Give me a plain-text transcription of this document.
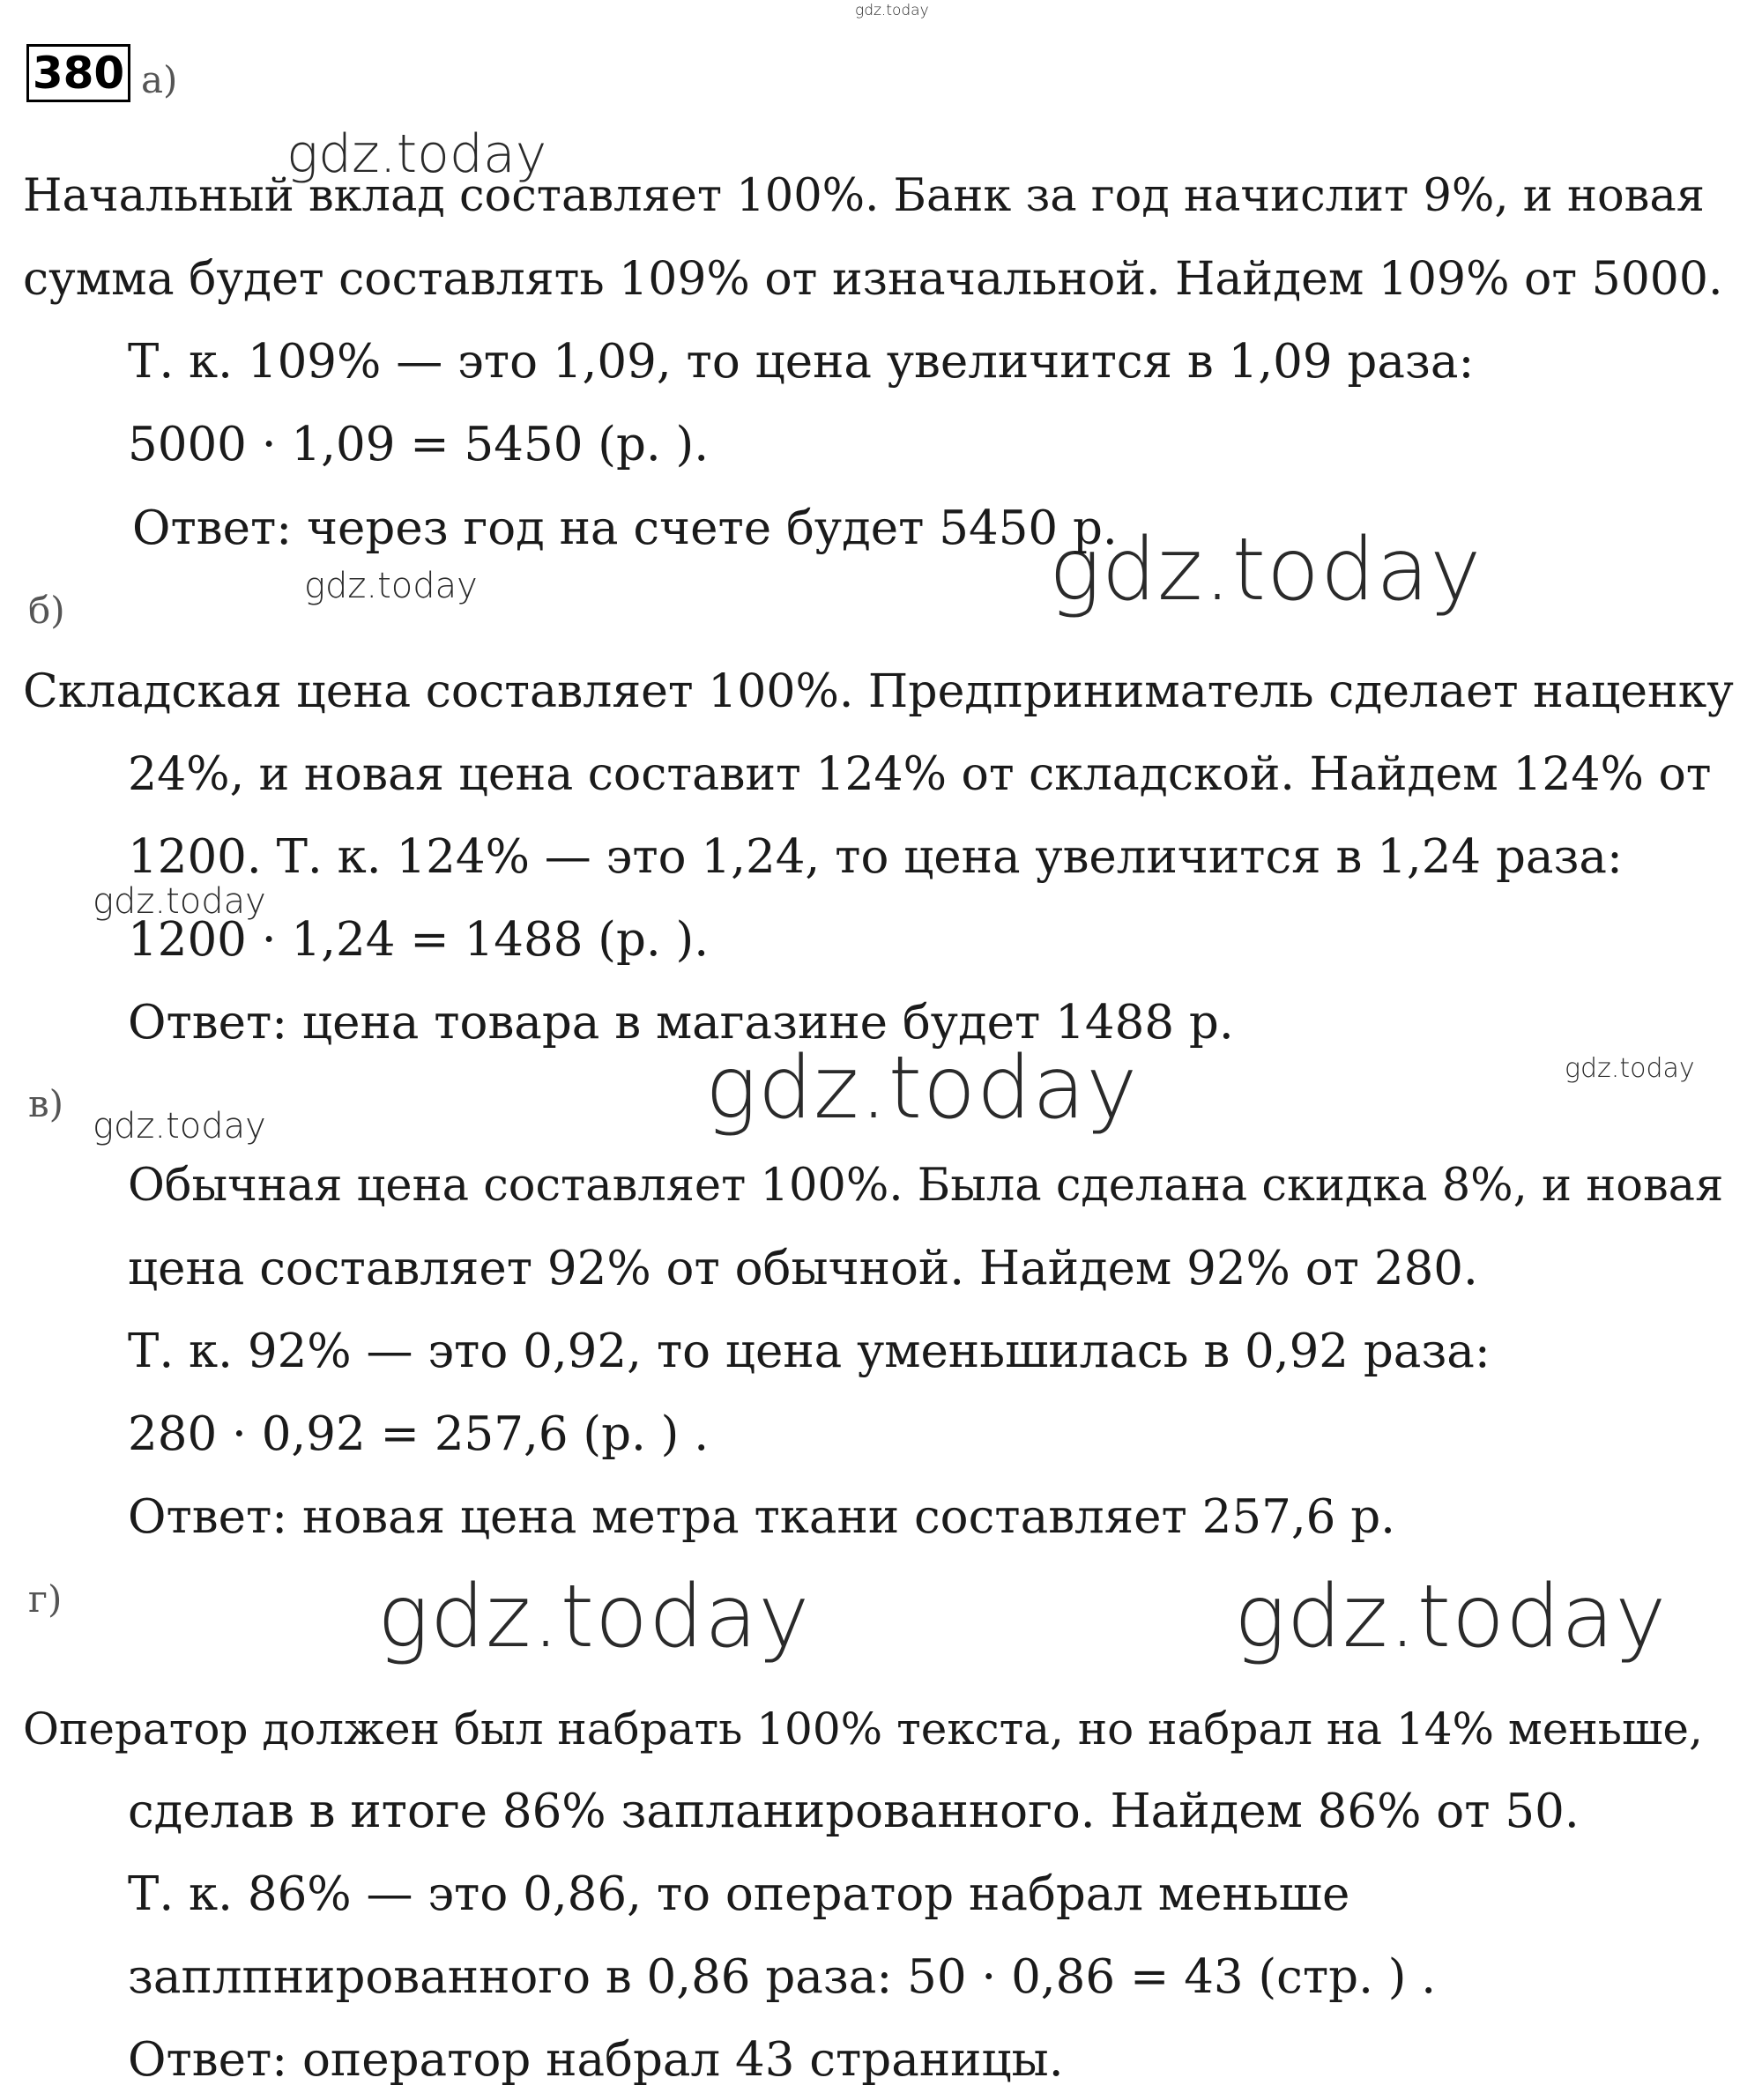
gdz.today
gdz.today
gdz.today
gdz.today
gdz.today
gdz.today	gdz.today
gdz.today
gdz.today	gdz.today
380 а)
Начальный вклад составляет 100%. Банк за год начислит 9%, и новая
сумма будет составлять 109% от изначальной. Найдем 109% от 5000.
Т. к. 109% — это 1,09, то цена увеличится в 1,09 раза:
5000 · 1,09 = 5450 (р. ).
Ответ: через год на счете будет 5450 р.
б)
Складская цена составляет 100%. Предприниматель сделает наценку
24%, и новая цена составит 124% от складской. Найдем 124% от
1200. Т. к. 124% — это 1,24, то цена увеличится в 1,24 раза:
1200 · 1,24 = 1488 (р. ).
Ответ: цена товара в магазине будет 1488 р.
в)
Обычная цена составляет 100%. Была сделана скидка 8%, и новая
цена составляет 92% от обычной. Найдем 92% от 280.
Т. к. 92% — это 0,92, то цена уменьшилась в 0,92 раза:
280 · 0,92 = 257,6 (р. ) .
Ответ: новая цена метра ткани составляет 257,6 р.
г)
Оператор должен был набрать 100% текста, но набрал на 14% меньше,
сделав в итоге 86% запланированного. Найдем 86% от 50.
Т. к. 86% — это 0,86, то оператор набрал меньше
заплпнированного в 0,86 раза: 50 · 0,86 = 43 (стр. ) .
Ответ: оператор набрал 43 страницы.
